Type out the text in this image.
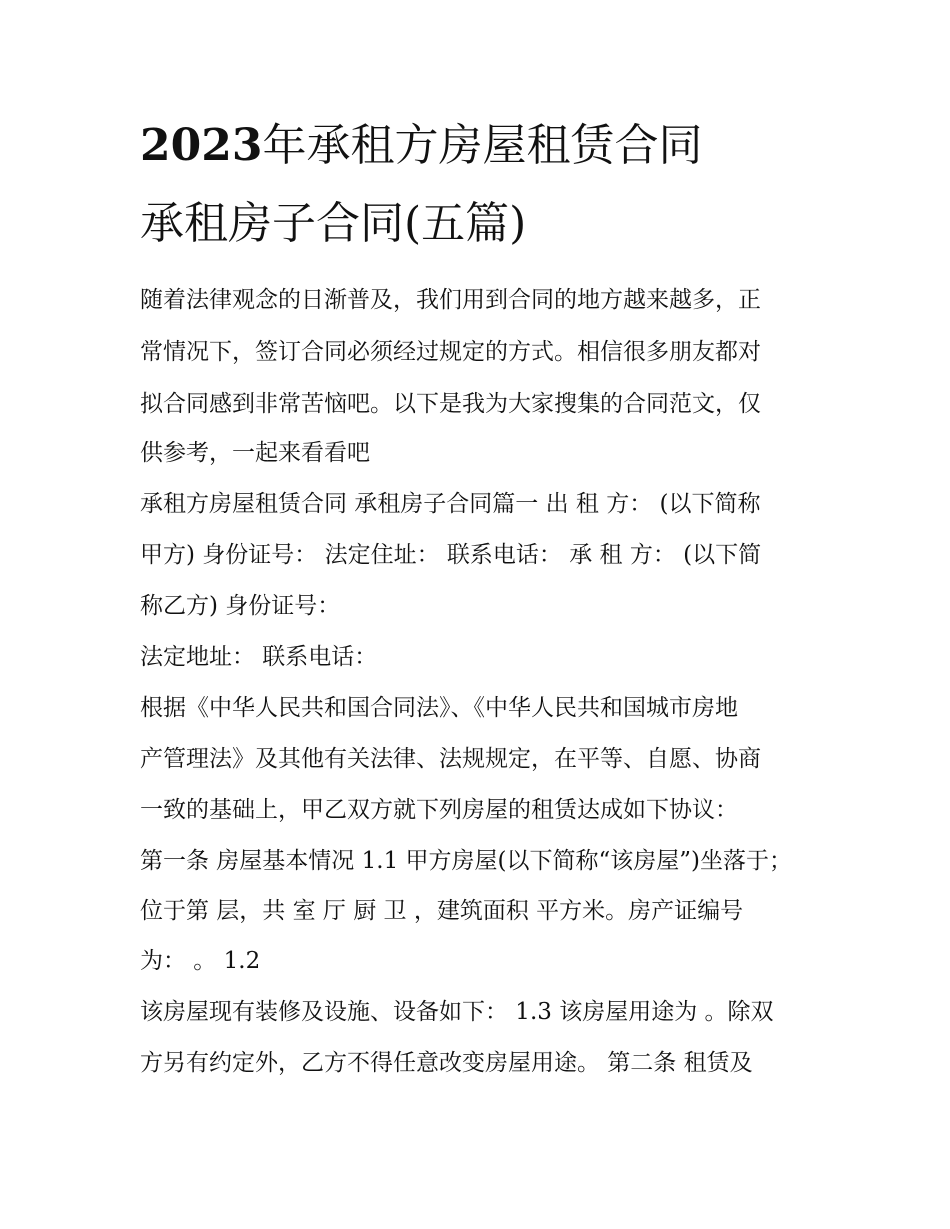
2023年承租方房屋租赁合同
承租房子合同(五篇)
随着法律观念的日渐普及，我们用到合同的地方越来越多，正
常情况下，签订合同必须经过规定的方式。相信很多朋友都对
拟合同感到非常苦恼吧。以下是我为大家搜集的合同范文，仅
供参考，一起来看看吧
承租方房屋租赁合同 承租房子合同篇一 出 租 方： (以下简称
甲方) 身份证号： 法定住址： 联系电话： 承 租 方： (以下简
称乙方) 身份证号：
法定地址： 联系电话：
根据《中华人民共和国合同法》、《中华人民共和国城市房地
产管理法》及其他有关法律、法规规定，在平等、自愿、协商
一致的基础上，甲乙双方就下列房屋的租赁达成如下协议：
第一条 房屋基本情况 1.1 甲方房屋(以下简称“该房屋”)坐落于；
位于第 层，共 室 厅 厨 卫 ，建筑面积 平方米。房产证编号
为： 。 1.2
该房屋现有装修及设施、设备如下： 1.3 该房屋用途为 。除双
方另有约定外，乙方不得任意改变房屋用途。 第二条 租赁及
